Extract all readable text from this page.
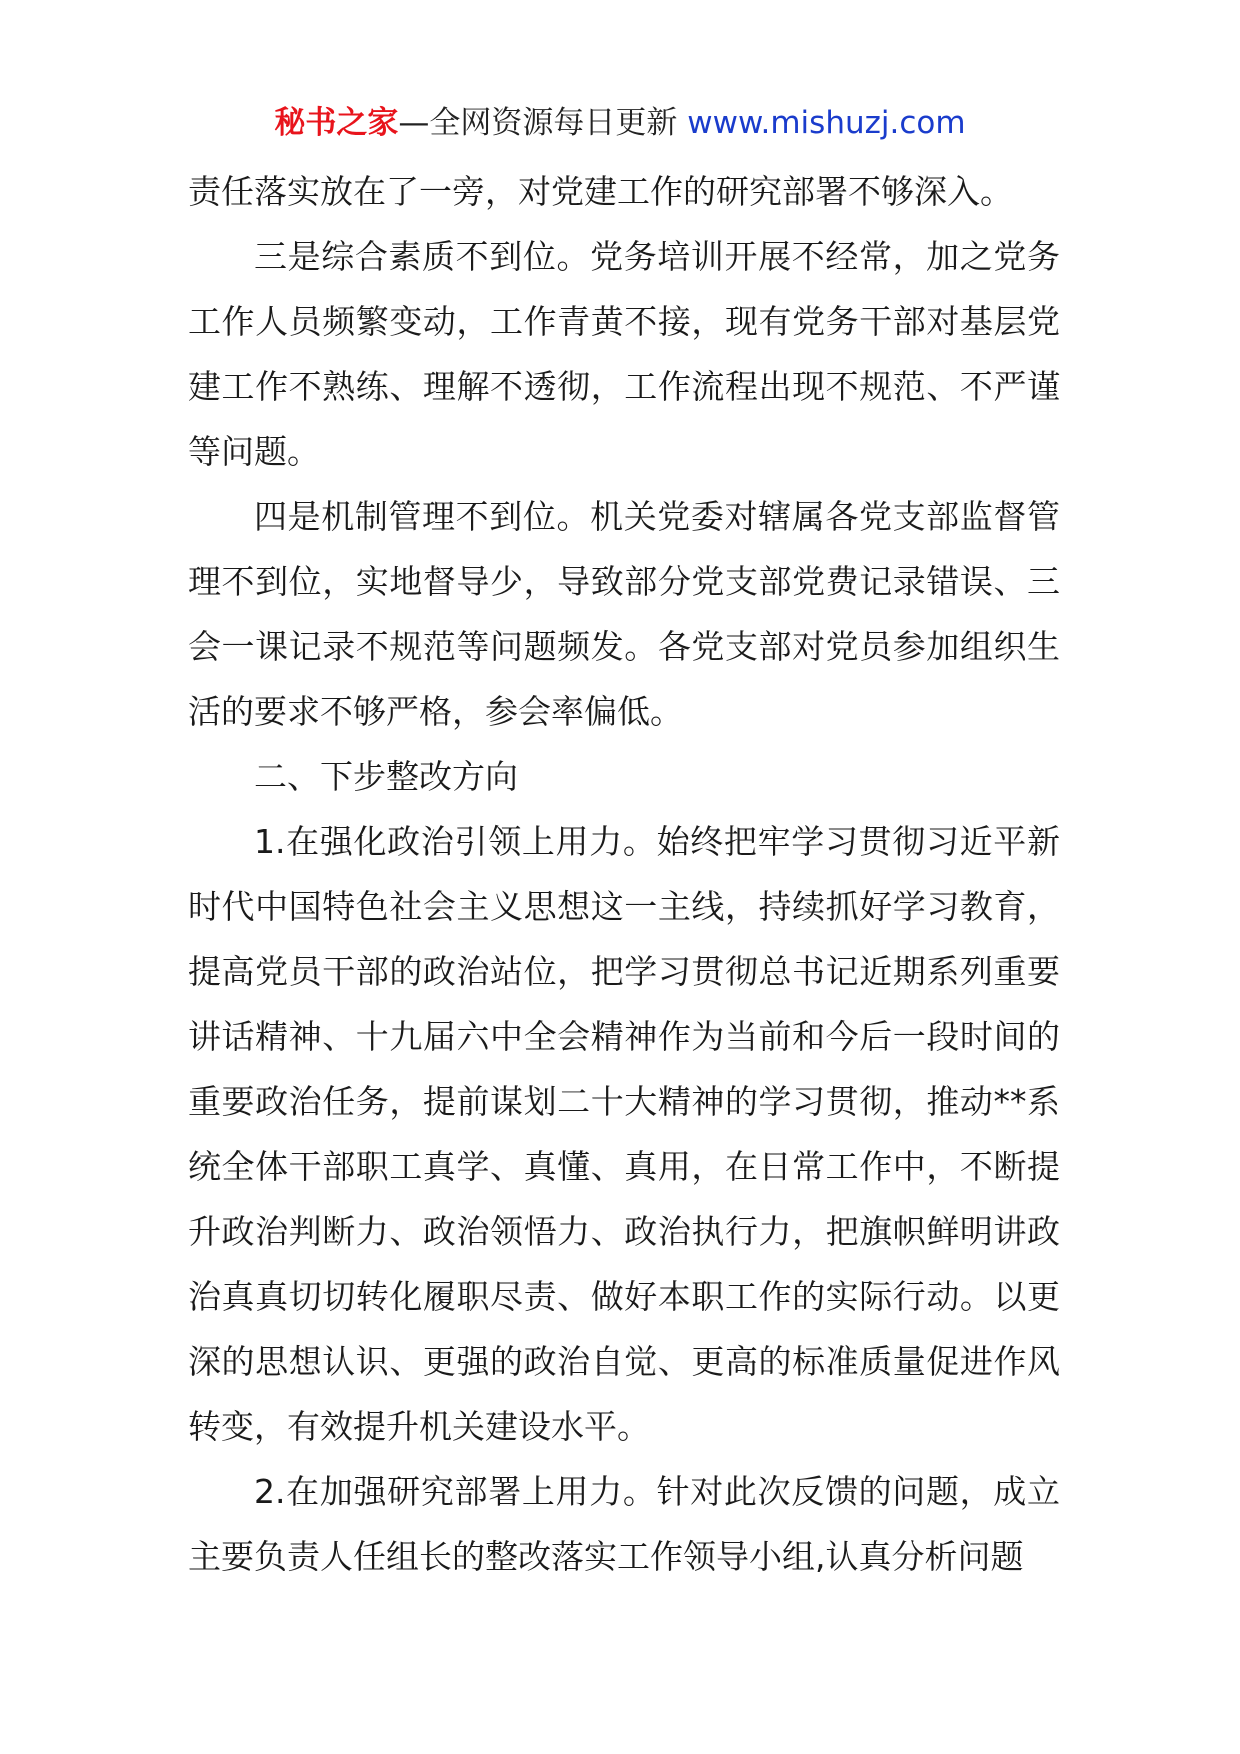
秘书之家—全网资源每日更新 www.mishuzj.com

责任落实放在了一旁，对党建工作的研究部署不够深入。

三是综合素质不到位。党务培训开展不经常，加之党务工作人员频繁变动，工作青黄不接，现有党务干部对基层党建工作不熟练、理解不透彻，工作流程出现不规范、不严谨等问题。

四是机制管理不到位。机关党委对辖属各党支部监督管理不到位，实地督导少，导致部分党支部党费记录错误、三会一课记录不规范等问题频发。各党支部对党员参加组织生活的要求不够严格，参会率偏低。

二、下步整改方向

1.在强化政治引领上用力。始终把牢学习贯彻习近平新时代中国特色社会主义思想这一主线，持续抓好学习教育，提高党员干部的政治站位，把学习贯彻总书记近期系列重要讲话精神、十九届六中全会精神作为当前和今后一段时间的重要政治任务，提前谋划二十大精神的学习贯彻，推动**系统全体干部职工真学、真懂、真用，在日常工作中，不断提升政治判断力、政治领悟力、政治执行力，把旗帜鲜明讲政治真真切切转化履职尽责、做好本职工作的实际行动。以更深的思想认识、更强的政治自觉、更高的标准质量促进作风转变，有效提升机关建设水平。

2.在加强研究部署上用力。针对此次反馈的问题，成立主要负责人任组长的整改落实工作领导小组,认真分析问题
